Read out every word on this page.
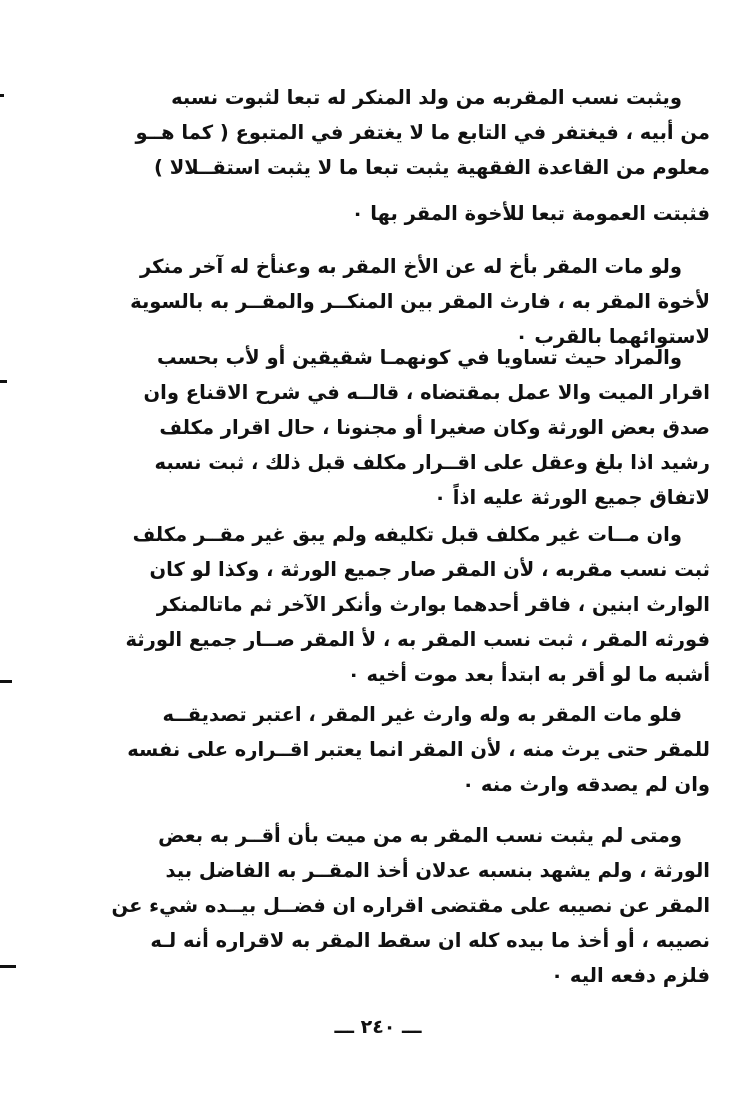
ويثبت نسب المقربه من ولد المنكر له تبعا لثبوت نسبه
من أبيه ، فيغتفر في التابع ما لا يغتفر في المتبوع ( كما هــو
معلوم من القاعدة الفقهية يثبت تبعا ما لا يثبت استقــلالا )
فثبتت العمومة تبعا للأخوة المقر بها ٠
ولو مات المقر بأخ له عن الأخ المقر به وعنأخ له آخر منكر
لأخوة المقر به ، فارث المقر بين المنكــر والمقــر به بالسوية
لاستوائهما بالقرب ٠
والمراد حيث تساويا في كونهمـا شقيقين أو لأب بحسب
اقرار الميت والا عمل بمقتضاه ، قالــه في شرح الاقناع وان
صدق بعض الورثة وكان صغيرا أو مجنونا ، حال اقرار مكلف
رشيد اذا بلغ وعقل على اقــرار مكلف قبل ذلك ، ثبت نسبه
لاتفاق جميع الورثة عليه اذاً ٠
وان مــات غير مكلف قبل تكليفه ولم يبق غير مقــر مكلف
ثبت نسب مقربه ، لأن المقر صار جميع الورثة ، وكذا لو كان
الوارث ابنين ، فاقر أحدهما بوارث وأنكر الآخر ثم ماتالمنكر
فورثه المقر ، ثبت نسب المقر به ، لأ المقر صــار جميع الورثة
أشبه ما لو أقر به ابتدأ بعد موت أخيه ٠
فلو مات المقر به وله وارث غير المقر ، اعتبر تصديقــه
للمقر حتى يرث منه ، لأن المقر انما يعتبر اقــراره على نفسه
وان لم يصدقه وارث منه ٠
ومتى لم يثبت نسب المقر به من ميت بأن أقــر به بعض
الورثة ، ولم يشهد بنسبه عدلان أخذ المقــر به الفاضل بيد
المقر عن نصيبه على مقتضى اقراره ان فضــل بيــده شيء عن
نصيبه ، أو أخذ ما بيده كله ان سقط المقر به لاقراره أنه لـه
فلزم دفعه اليه ٠
ـــ ٢٤٠ ـــ
